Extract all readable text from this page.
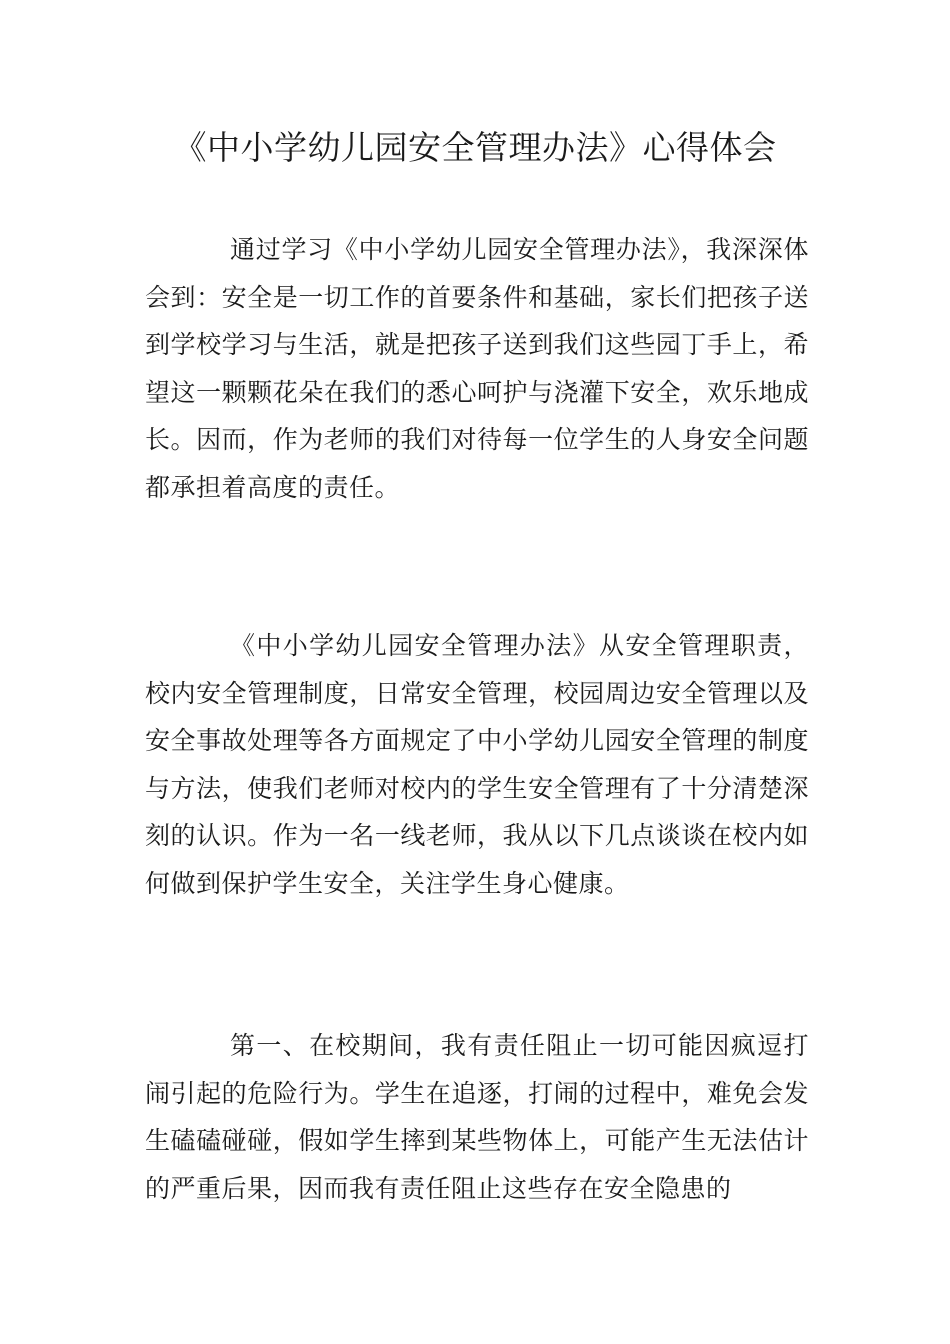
《中小学幼儿园安全管理办法》心得体会

通过学习《中小学幼儿园安全管理办法》，我深深体会到：安全是一切工作的首要条件和基础，家长们把孩子送到学校学习与生活，就是把孩子送到我们这些园丁手上，希望这一颗颗花朵在我们的悉心呵护与浇灌下安全，欢乐地成长。因而，作为老师的我们对待每一位学生的人身安全问题都承担着高度的责任。

《中小学幼儿园安全管理办法》从安全管理职责，校内安全管理制度，日常安全管理，校园周边安全管理以及安全事故处理等各方面规定了中小学幼儿园安全管理的制度与方法，使我们老师对校内的学生安全管理有了十分清楚深刻的认识。作为一名一线老师，我从以下几点谈谈在校内如何做到保护学生安全，关注学生身心健康。

第一、在校期间，我有责任阻止一切可能因疯逗打闹引起的危险行为。学生在追逐，打闹的过程中，难免会发生磕磕碰碰，假如学生摔到某些物体上，可能产生无法估计的严重后果，因而我有责任阻止这些存在安全隐患的
